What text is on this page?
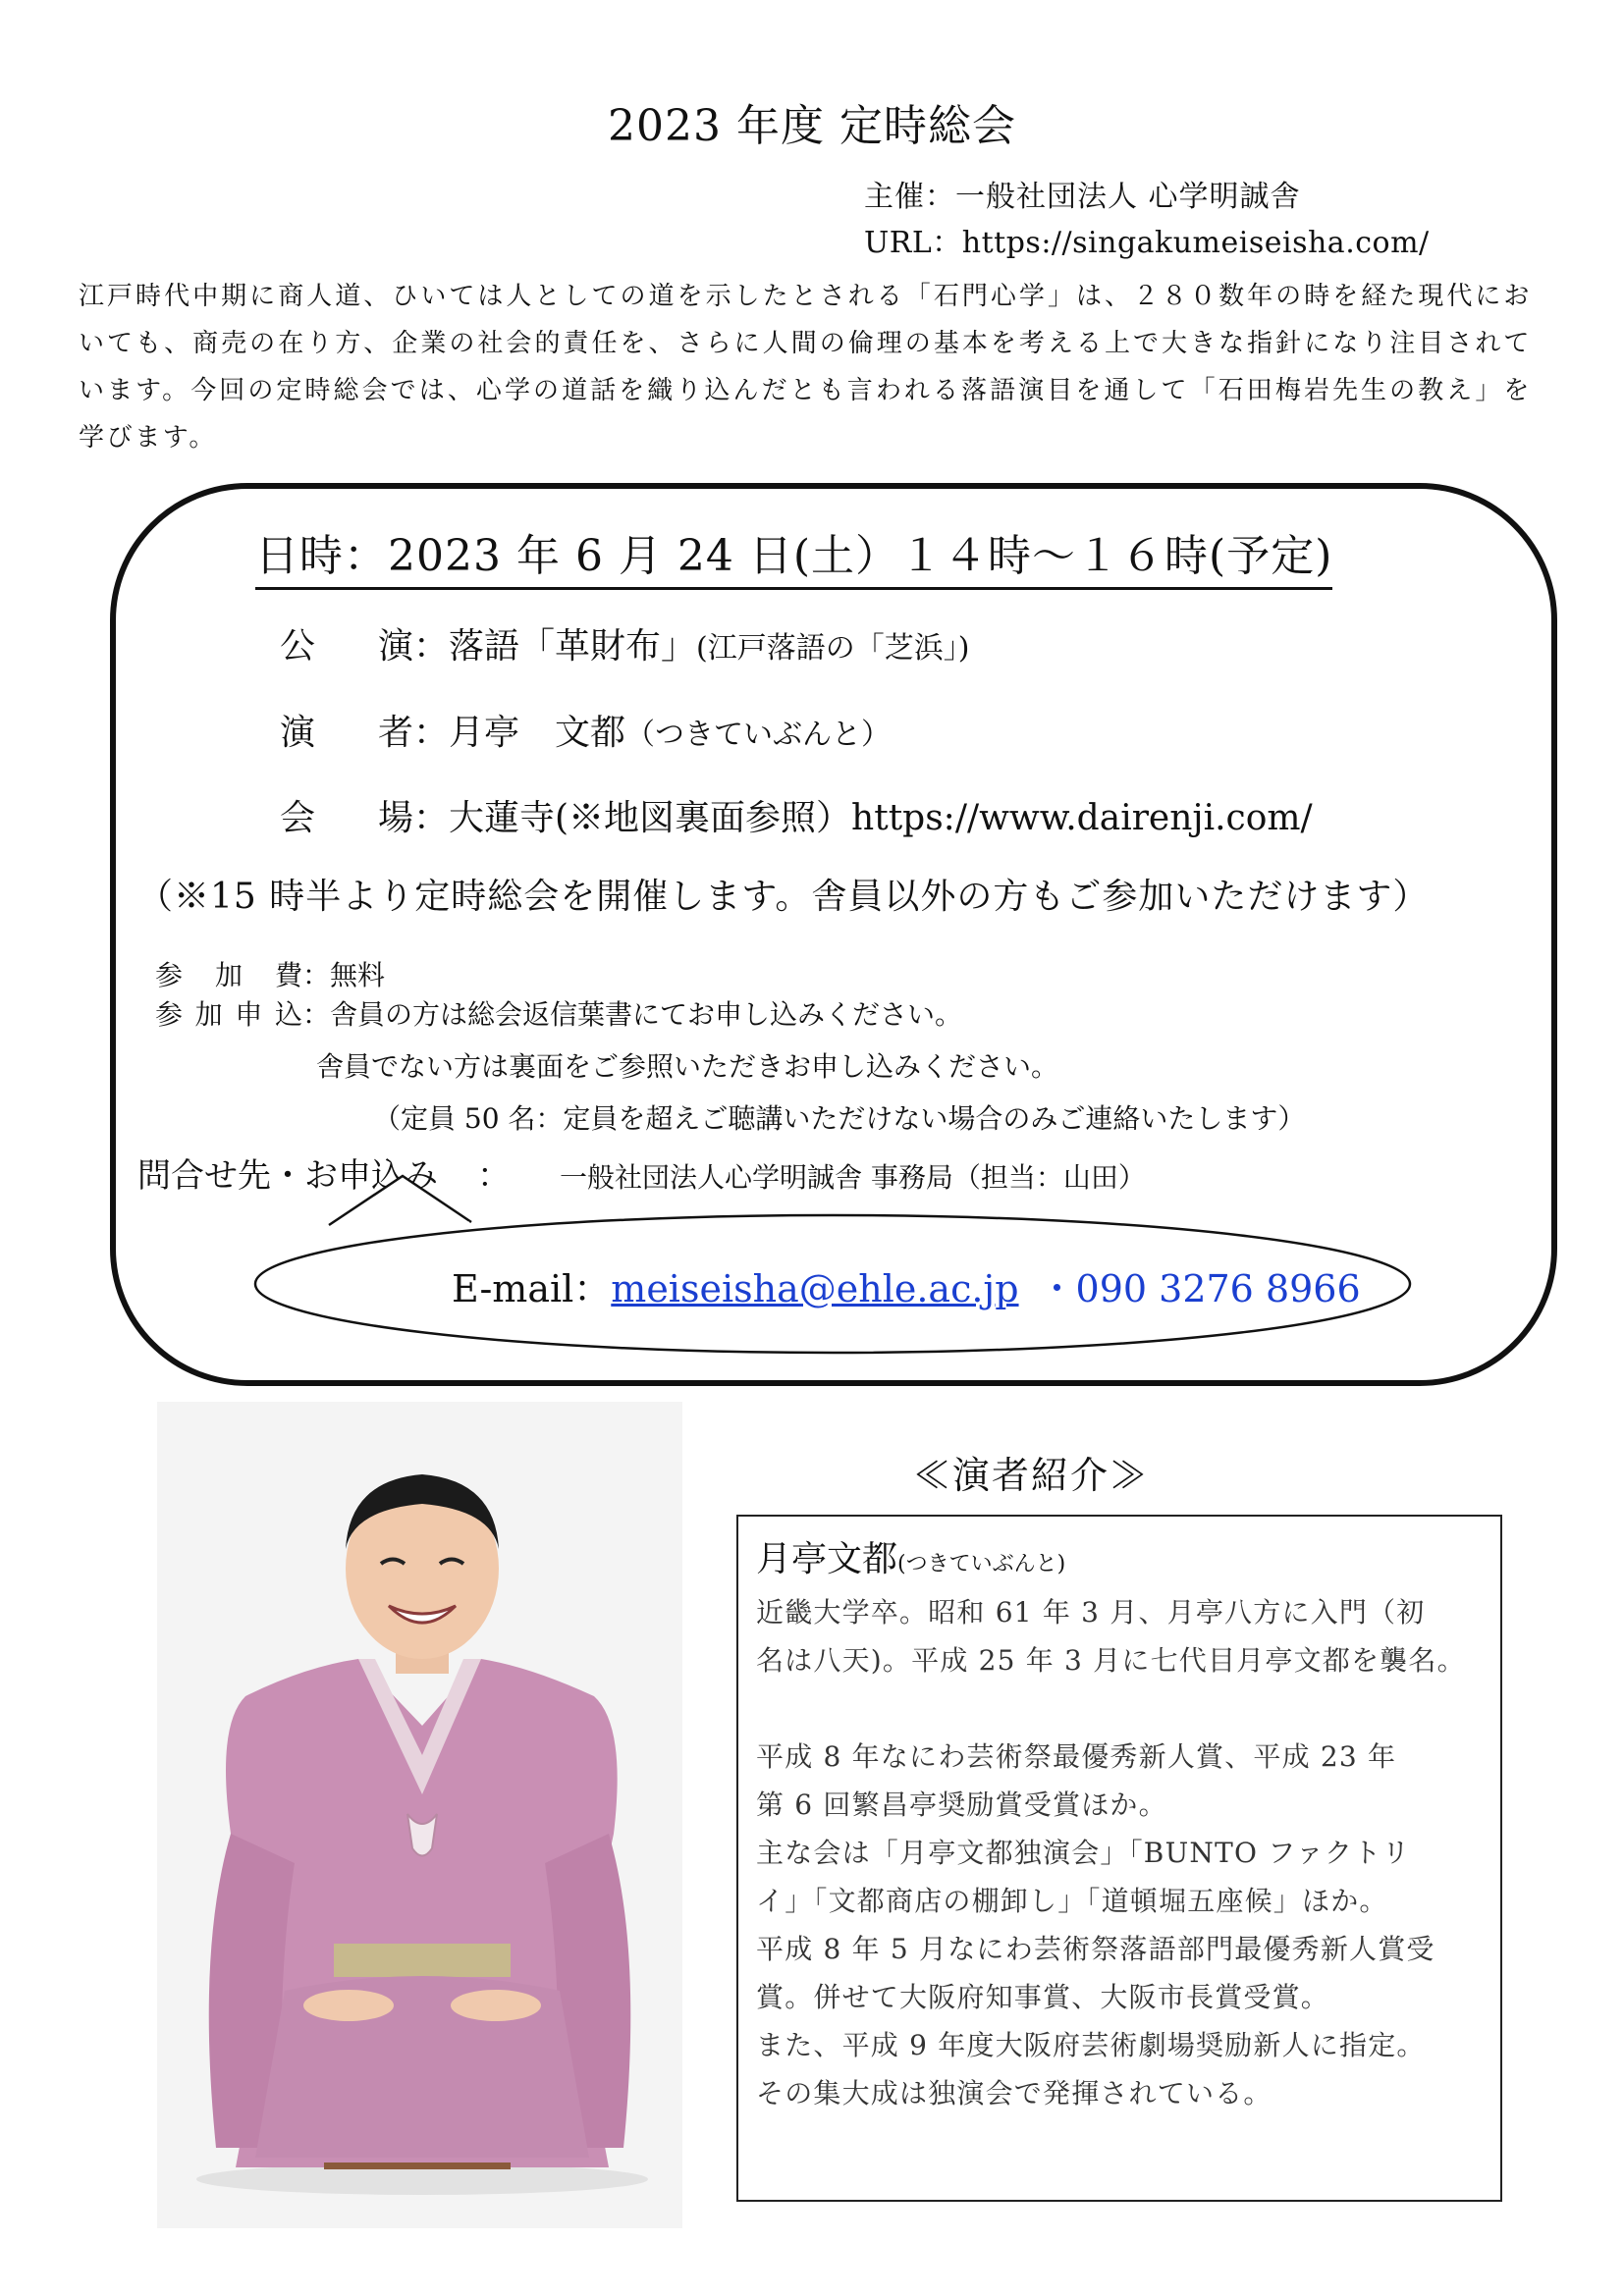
2023 年度 定時総会
主催：一般社団法人 心学明誠舎
URL：https://singakumeiseisha.com/
江戸時代中期に商人道、ひいては人としての道を示したとされる「石門心学」は、２８０数年の時を経た現代においても、商売の在り方、企業の社会的責任を、さらに人間の倫理の基本を考える上で大きな指針になり注目されています。今回の定時総会では、心学の道話を織り込んだとも言われる落語演目を通して「石田梅岩先生の教え」を学びます。
日時：2023 年 6 月 24 日(土）１４時～１６時(予定)
公　演：落語「革財布」(江戸落語の「芝浜」)
演　者：月亭　文都（つきていぶんと）
会　場：大蓮寺(※地図裏面参照）https://www.dairenji.com/
（※15 時半より定時総会を開催します。舎員以外の方もご参加いただけます）
参加費：無料
参加申込：舎員の方は総会返信葉書にてお申し込みください。
舎員でない方は裏面をご参照いただきお申し込みください。
（定員 50 名：定員を超えご聴講いただけない場合のみご連絡いたします）
問合せ先・お申込み ： 一般社団法人心学明誠舎 事務局（担当：山田）
E-mail：meiseisha@ehle.ac.jp ・090 3276 8966
≪演者紹介≫
月亭文都(つきていぶんと)

近畿大学卒。昭和 61 年 3 月、月亭八方に入門（初

名は八天)。平成 25 年 3 月に七代目月亭文都を襲名。

平成 8 年なにわ芸術祭最優秀新人賞、平成 23 年

第 6 回繁昌亭奨励賞受賞ほか。

主な会は「月亭文都独演会」「BUNTO ファクトリ

イ」「文都商店の棚卸し」「道頓堀五座候」ほか。

平成 8 年 5 月なにわ芸術祭落語部門最優秀新人賞受

賞。併せて大阪府知事賞、大阪市長賞受賞。

また、平成 9 年度大阪府芸術劇場奨励新人に指定。

その集大成は独演会で発揮されている。
